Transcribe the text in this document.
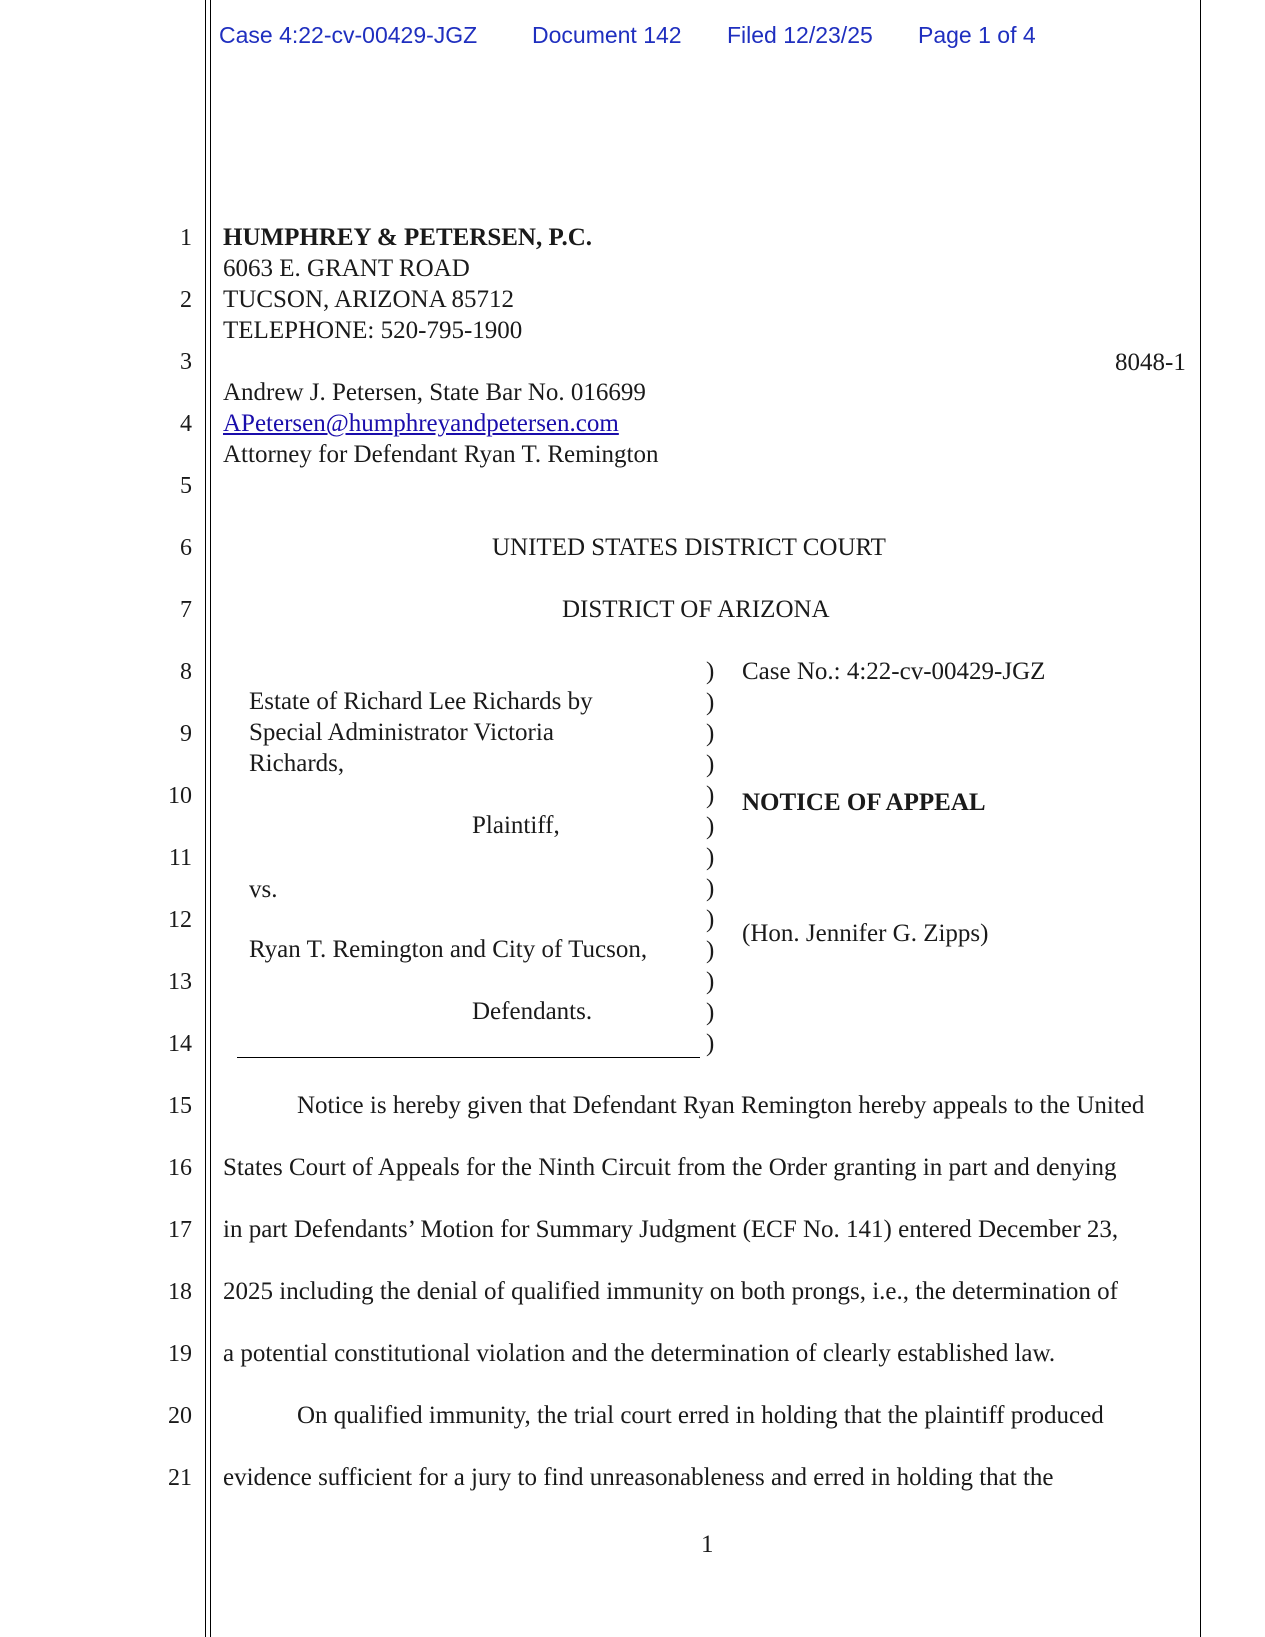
Case 4:22-cv-00429-JGZ Document 142 Filed 12/23/25 Page 1 of 4
1
2
3
4
5
6
7
8
9
10
11
12
13
14
15
16
17
18
19
20
21
HUMPHREY & PETERSEN, P.C.
6063 E. GRANT ROAD
TUCSON, ARIZONA 85712
TELEPHONE: 520-795-1900
8048-1
Andrew J. Petersen, State Bar No. 016699
APetersen@humphreyandpetersen.com
Attorney for Defendant Ryan T. Remington
UNITED STATES DISTRICT COURT
DISTRICT OF ARIZONA
Estate of Richard Lee Richards by
Special Administrator Victoria
Richards,
Plaintiff,
vs.
Ryan T. Remington and City of Tucson,
Defendants.
)
)
)
)
)
)
)
)
)
)
)
)
)
Case No.: 4:22-cv-00429-JGZ
NOTICE OF APPEAL
(Hon. Jennifer G. Zipps)
Notice is hereby given that Defendant Ryan Remington hereby appeals to the United
States Court of Appeals for the Ninth Circuit from the Order granting in part and denying
in part Defendants’ Motion for Summary Judgment (ECF No. 141) entered December 23,
2025 including the denial of qualified immunity on both prongs, i.e., the determination of
a potential constitutional violation and the determination of clearly established law.
On qualified immunity, the trial court erred in holding that the plaintiff produced
evidence sufficient for a jury to find unreasonableness and erred in holding that the
1
